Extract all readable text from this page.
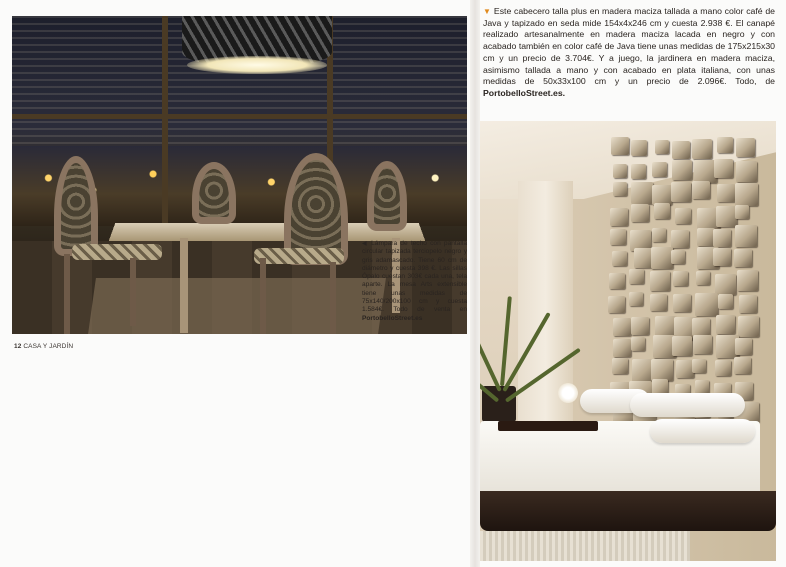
◀ Lámpara de techo con pantalla circular tapizada terciopelo negro y gris adamascado. Tiene 60 cm de diámetro y cuesta 398 €. Las sillas Ópalo cuestan 303€ cada una, tela aparte. La mesa Arts extensible tiene unas medidas de 75x140/200x100 cm y cuesta 1.584€. Todo de venta en PortobelloStreet.es
12 CASA Y JARDÍN
▼ Este cabecero talla plus en madera maciza tallada a mano color café de Java y tapizado en seda mide 154x4x246 cm y cuesta 2.938 €. El canapé realizado artesanalmente en madera maciza lacada en negro y con acabado también en color café de Java tiene unas medidas de 175x215x30 cm y un precio de 3.704€. Y a juego, la jardinera en madera maciza, asimismo tallada a mano y con acabado en plata italiana, con unas medidas de 50x33x100 cm y un precio de 2.096€. Todo, de PortobelloStreet.es.
